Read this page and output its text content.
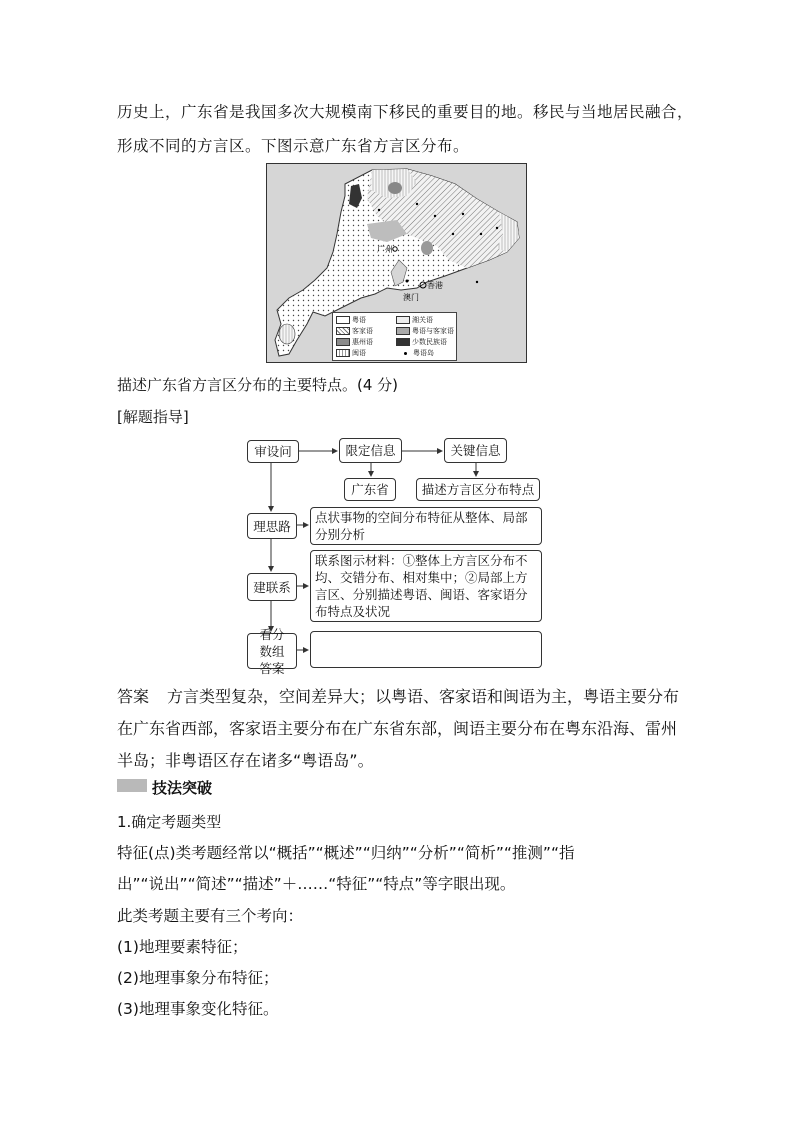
历史上，广东省是我国多次大规模南下移民的重要目的地。移民与当地居民融合，
形成不同的方言区。下图示意广东省方言区分布。
广州
香港
澳门
粤语	湘关语
客家语	粤语与客家语
惠州语	少数民族语
闽语	粤语岛
描述广东省方言区分布的主要特点。(4 分)
[解题指导]
审设问	限定信息	关键信息
广东省	描述方言区分布特点
理思路
点状事物的空间分布特征从整体、局部分别分析
建联系
联系图示材料：①整体上方言区分布不均、交错分布、相对集中；②局部上方言区、分别描述粤语、闽语、客家语分布特点及状况
看分数组答案
答案 方言类型复杂，空间差异大；以粤语、客家语和闽语为主，粤语主要分布
在广东省西部，客家语主要分布在广东省东部，闽语主要分布在粤东沿海、雷州
半岛；非粤语区存在诸多“粤语岛”。
技法突破
1.确定考题类型
特征(点)类考题经常以“概括”“概述”“归纳”“分析”“简析”“推测”“指
出”“说出”“简述”“描述”＋……“特征”“特点”等字眼出现。
此类考题主要有三个考向：
(1)地理要素特征；
(2)地理事象分布特征；
(3)地理事象变化特征。
